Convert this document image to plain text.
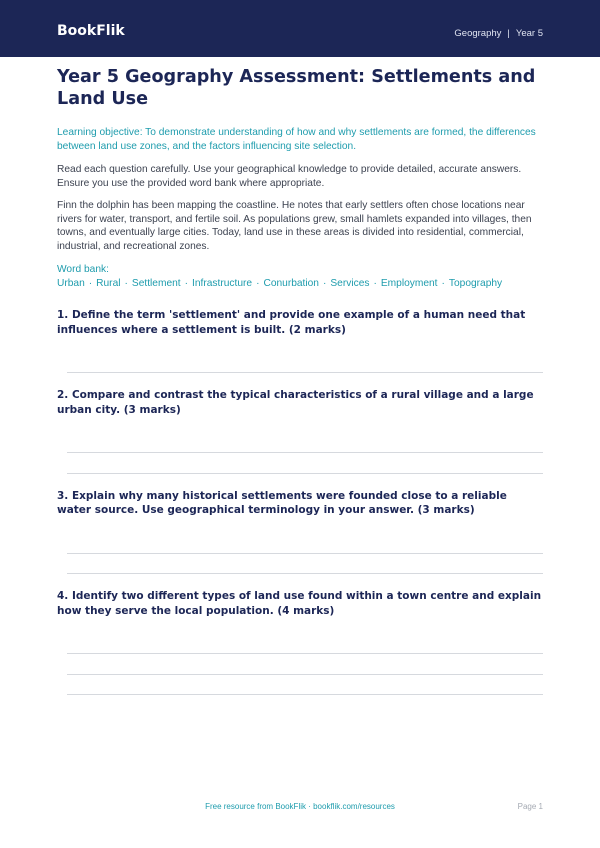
BookFlik	Geography | Year 5
Year 5 Geography Assessment: Settlements and Land Use

Learning objective: To demonstrate understanding of how and why settlements are formed, the differences between land use zones, and the factors influencing site selection.

Read each question carefully. Use your geographical knowledge to provide detailed, accurate answers. Ensure you use the provided word bank where appropriate.

Finn the dolphin has been mapping the coastline. He notes that early settlers often chose locations near rivers for water, transport, and fertile soil. As populations grew, small hamlets expanded into villages, then towns, and eventually large cities. Today, land use in these areas is divided into residential, commercial, industrial, and recreational zones.

Word bank: Urban · Rural · Settlement · Infrastructure · Conurbation · Services · Employment · Topography

1. Define the term 'settlement' and provide one example of a human need that influences where a settlement is built. (2 marks)
2. Compare and contrast the typical characteristics of a rural village and a large urban city. (3 marks)
3. Explain why many historical settlements were founded close to a reliable water source. Use geographical terminology in your answer. (3 marks)
4. Identify two different types of land use found within a town centre and explain how they serve the local population. (4 marks)
Free resource from BookFlik · bookflik.com/resources	Page 1
